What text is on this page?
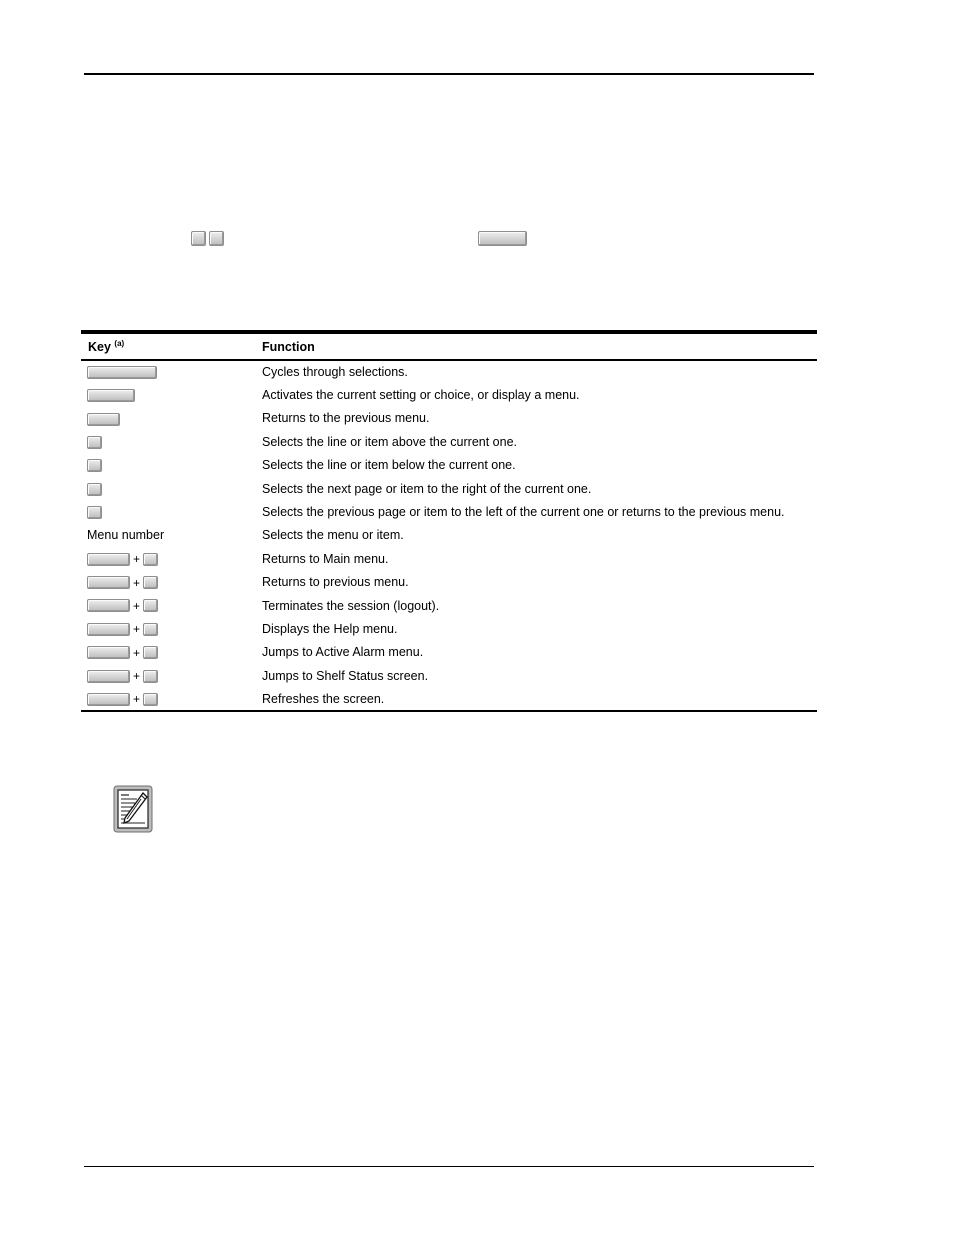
Key $^{(a)}$	Function
	Cycles through selections.
	Activates the current setting or choice, or display a menu.
	Returns to the previous menu.
	Selects the line or item above the current one.
	Selects the line or item below the current one.
	Selects the next page or item to the right of the current one.
	Selects the previous page or item to the left of the current one or returns to the previous menu.
Menu number	Selects the menu or item.
+	Returns to Main menu.
+	Returns to previous menu.
+	Terminates the session (logout).
+	Displays the Help menu.
+	Jumps to Active Alarm menu.
+	Jumps to Shelf Status screen.
+	Refreshes the screen.
